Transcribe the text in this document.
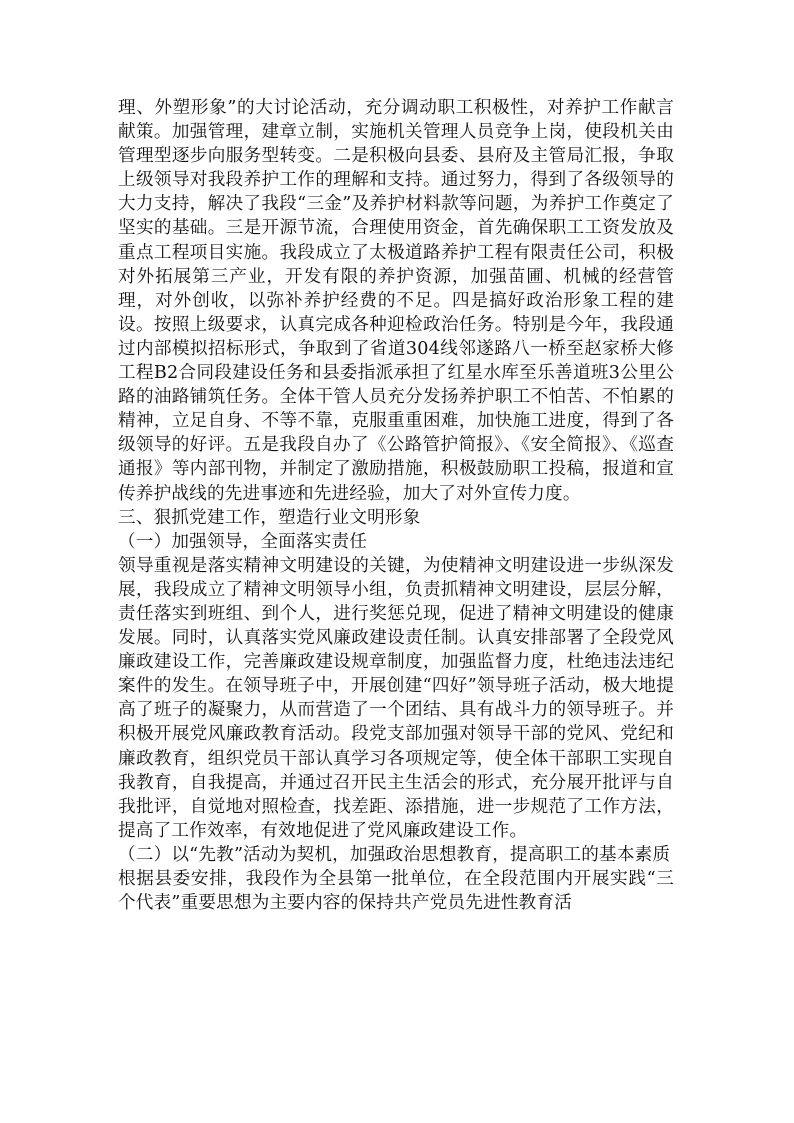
理、外塑形象”的大讨论活动，充分调动职工积极性，对养护工作献言献策。加强管理，建章立制，实施机关管理人员竞争上岗，使段机关由管理型逐步向服务型转变。二是积极向县委、县府及主管局汇报，争取上级领导对我段养护工作的理解和支持。通过努力，得到了各级领导的大力支持，解决了我段“三金”及养护材料款等问题，为养护工作奠定了坚实的基础。三是开源节流，合理使用资金，首先确保职工工资发放及重点工程项目实施。我段成立了太极道路养护工程有限责任公司，积极对外拓展第三产业，开发有限的养护资源，加强苗圃、机械的经营管理，对外创收，以弥补养护经费的不足。四是搞好政治形象工程的建设。按照上级要求，认真完成各种迎检政治任务。特别是今年，我段通过内部模拟招标形式，争取到了省道304线邻遂路八一桥至赵家桥大修工程B2合同段建设任务和县委指派承担了红星水库至乐善道班3公里公路的油路铺筑任务。全体干管人员充分发扬养护职工不怕苦、不怕累的精神，立足自身、不等不靠，克服重重困难，加快施工进度，得到了各级领导的好评。五是我段自办了《公路管护简报》、《安全简报》、《巡查通报》等内部刊物，并制定了激励措施，积极鼓励职工投稿，报道和宣传养护战线的先进事迹和先进经验，加大了对外宣传力度。

三、狠抓党建工作，塑造行业文明形象

（一）加强领导，全面落实责任

领导重视是落实精神文明建设的关键，为使精神文明建设进一步纵深发展，我段成立了精神文明领导小组，负责抓精神文明建设，层层分解，责任落实到班组、到个人，进行奖惩兑现，促进了精神文明建设的健康发展。同时，认真落实党风廉政建设责任制。认真安排部署了全段党风廉政建设工作，完善廉政建设规章制度，加强监督力度，杜绝违法违纪案件的发生。在领导班子中，开展创建“四好”领导班子活动，极大地提高了班子的凝聚力，从而营造了一个团结、具有战斗力的领导班子。并积极开展党风廉政教育活动。段党支部加强对领导干部的党风、党纪和廉政教育，组织党员干部认真学习各项规定等，使全体干部职工实现自我教育，自我提高，并通过召开民主生活会的形式，充分展开批评与自我批评，自觉地对照检查，找差距、添措施，进一步规范了工作方法，提高了工作效率，有效地促进了党风廉政建设工作。

（二）以“先教”活动为契机，加强政治思想教育，提高职工的基本素质

根据县委安排，我段作为全县第一批单位，在全段范围内开展实践“三个代表”重要思想为主要内容的保持共产党员先进性教育活
